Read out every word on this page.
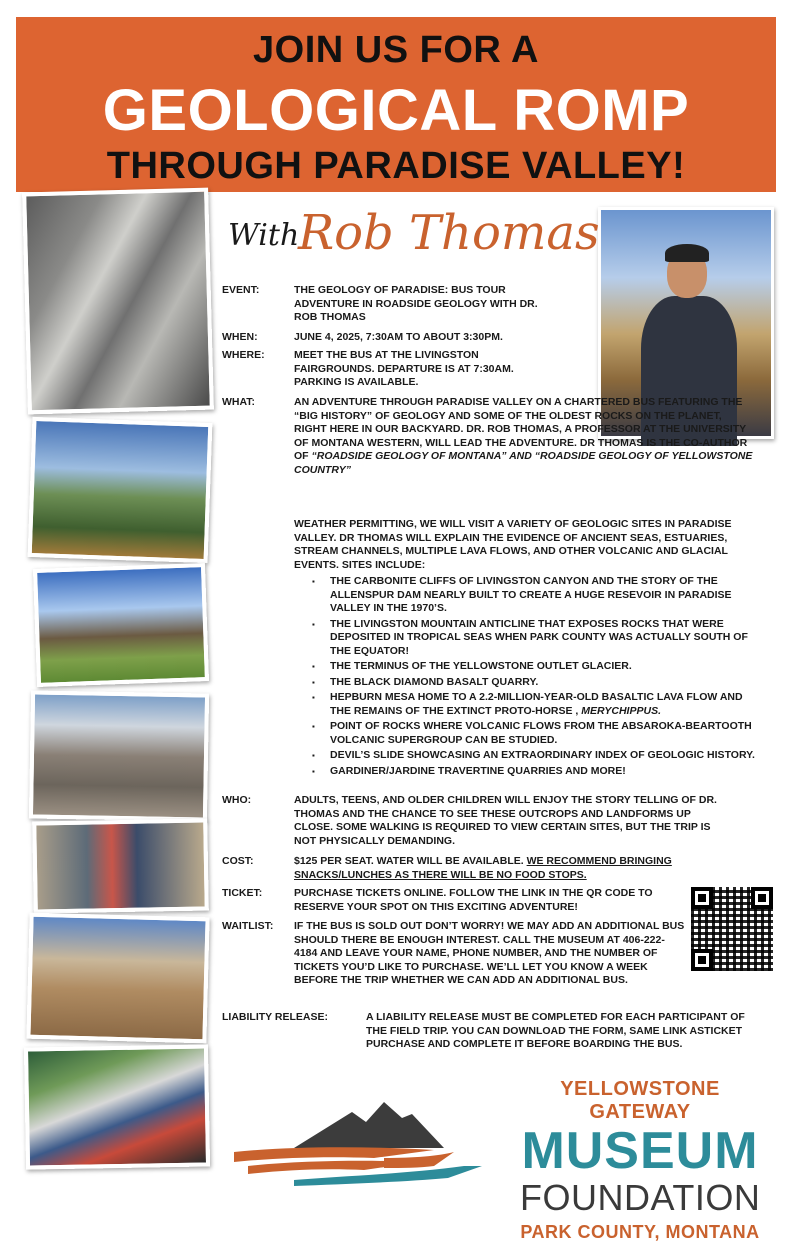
JOIN US FOR A
GEOLOGICAL ROMP
THROUGH PARADISE VALLEY!
With
Rob Thomas
EVENT:	THE GEOLOGY OF PARADISE: BUS TOUR ADVENTURE IN ROADSIDE GEOLOGY WITH DR. ROB THOMAS
WHEN:	JUNE 4, 2025, 7:30AM TO ABOUT 3:30PM.
WHERE:	MEET THE BUS AT THE LIVINGSTON FAIRGROUNDS. DEPARTURE IS AT 7:30AM. PARKING IS AVAILABLE.
WHAT:	AN ADVENTURE THROUGH PARADISE VALLEY ON A CHARTERED BUS FEATURING THE “BIG HISTORY” OF GEOLOGY AND SOME OF THE OLDEST ROCKS ON THE PLANET, RIGHT HERE IN OUR BACKYARD. DR. ROB THOMAS, A PROFESSOR AT THE UNIVERSITY OF MONTANA WESTERN, WILL LEAD THE ADVENTURE. DR THOMAS IS THE CO-AUTHOR OF “ROADSIDE GEOLOGY OF MONTANA” AND “ROADSIDE GEOLOGY OF YELLOWSTONE COUNTRY”
WEATHER PERMITTING, WE WILL VISIT A VARIETY OF GEOLOGIC SITES IN PARADISE VALLEY. DR THOMAS WILL EXPLAIN THE EVIDENCE OF ANCIENT SEAS, ESTUARIES, STREAM CHANNELS, MULTIPLE LAVA FLOWS, AND OTHER VOLCANIC AND GLACIAL EVENTS. SITES INCLUDE:
▪ THE CARBONITE CLIFFS OF LIVINGSTON CANYON AND THE STORY OF THE ALLENSPUR DAM NEARLY BUILT TO CREATE A HUGE RESEVOIR IN PARADISE VALLEY IN THE 1970’S.
▪ THE LIVINGSTON MOUNTAIN ANTICLINE THAT EXPOSES ROCKS THAT WERE DEPOSITED IN TROPICAL SEAS WHEN PARK COUNTY WAS ACTUALLY SOUTH OF THE EQUATOR!
▪ THE TERMINUS OF THE YELLOWSTONE OUTLET GLACIER.
▪ THE BLACK DIAMOND BASALT QUARRY.
▪ HEPBURN MESA HOME TO A 2.2-MILLION-YEAR-OLD BASALTIC LAVA FLOW AND THE REMAINS OF THE EXTINCT PROTO-HORSE , MERYCHIPPUS.
▪ POINT OF ROCKS WHERE VOLCANIC FLOWS FROM THE ABSAROKA-BEARTOOTH VOLCANIC SUPERGROUP CAN BE STUDIED.
▪ DEVIL’S SLIDE SHOWCASING AN EXTRAORDINARY INDEX OF GEOLOGIC HISTORY.
▪ GARDINER/JARDINE TRAVERTINE QUARRIES AND MORE!
WHO:	ADULTS, TEENS, AND OLDER CHILDREN WILL ENJOY THE STORY TELLING OF DR. THOMAS AND THE CHANCE TO SEE THESE OUTCROPS AND LANDFORMS UP CLOSE. SOME WALKING IS REQUIRED TO VIEW CERTAIN SITES, BUT THE TRIP IS NOT PHYSICALLY DEMANDING.
COST:	$125 PER SEAT. WATER WILL BE AVAILABLE. WE RECOMMEND BRINGING SNACKS/LUNCHES AS THERE WILL BE NO FOOD STOPS.
TICKET:	PURCHASE TICKETS ONLINE. FOLLOW THE LINK IN THE QR CODE TO RESERVE YOUR SPOT ON THIS EXCITING ADVENTURE!
WAITLIST: IF THE BUS IS SOLD OUT DON’T WORRY! WE MAY ADD AN ADDITIONAL BUS SHOULD THERE BE ENOUGH INTEREST. CALL THE MUSEUM AT 406-222-4184 AND LEAVE YOUR NAME, PHONE NUMBER, AND THE NUMBER OF TICKETS YOU’D LIKE TO PURCHASE. WE’LL LET YOU KNOW A WEEK BEFORE THE TRIP WHETHER WE CAN ADD AN ADDITIONAL BUS.
LIABILITY RELEASE:	A LIABILITY RELEASE MUST BE COMPLETED FOR EACH PARTICIPANT OF THE FIELD TRIP. YOU CAN DOWNLOAD THE FORM, SAME LINK ASTICKET PURCHASE AND COMPLETE IT BEFORE BOARDING THE BUS.
YELLOWSTONE GATEWAY
MUSEUM
FOUNDATION
PARK COUNTY, MONTANA
